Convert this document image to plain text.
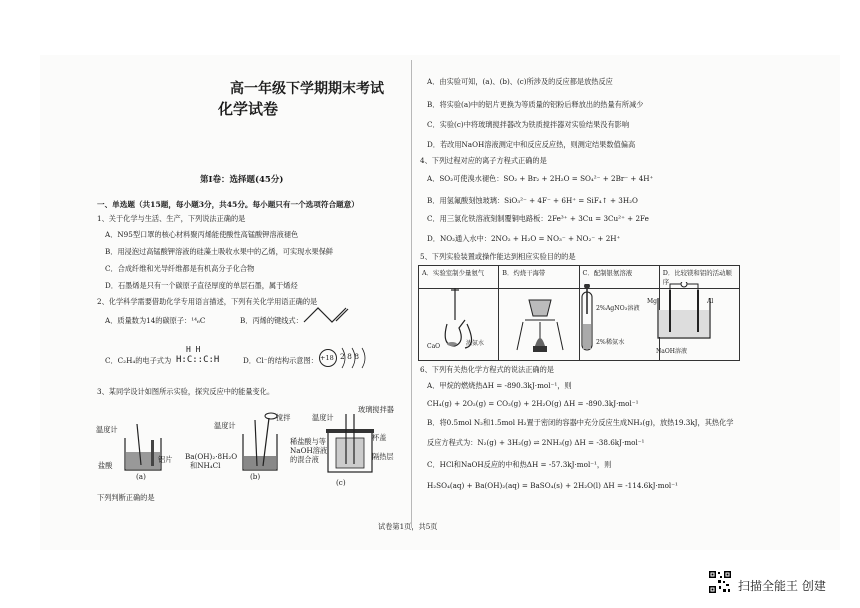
高一年级下学期期末考试
化学试卷
第Ⅰ卷：选择题(45分)
一、单选题（共15题，每小题3分，共45分。每小题只有一个选项符合题意）
1、关于化学与生活、生产，下列说法正确的是
A．N95型口罩的核心材料聚丙烯能使酸性高锰酸钾溶液褪色
B．用浸泡过高锰酸钾溶液的硅藻土吸收水果中的乙烯，可实现水果保鲜
C．合成纤维和光导纤维都是有机高分子化合物
D．石墨烯是只有一个碳原子直径厚度的单层石墨，属于烯烃
2、化学科学需要借助化学专用语言描述，下列有关化学用语正确的是
A．质量数为14的碳原子：¹⁴₆C	B．丙烯的键线式：
C．C₂H₄的电子式为
H H
H:C::C:H	D．Cl⁻的结构示意图： +18 2 8 8
3、某同学设计如图所示实验，探究反应中的能量变化。
温度计
铝片
盐酸
(a)
温度计
搅拌
Ba(OH)₂·8H₂O
和NH₄Cl
(b)
温度计
玻璃搅拌器
稀盐酸与等
NaOH溶液
的混合液
杯盖
隔热层
(c)
下列判断正确的是
A．由实验可知，(a)、(b)、(c)所涉及的反应都是放热反应
B．将实验(a)中的铝片更换为等质量的铝粉后释放出的热量有所减少
C．实验(c)中将玻璃搅拌器改为铁质搅拌器对实验结果没有影响
D．若改用NaOH溶液测定中和反应反应热，则测定结果数值偏高
4、下列过程对应的离子方程式正确的是
A．SO₂可使溴水褪色：SO₂ + Br₂ + 2H₂O = SO₄²⁻ + 2Br⁻ + 4H⁺
B．用氢氟酸刻蚀玻璃：SiO₃²⁻ + 4F⁻ + 6H⁺ = SiF₄↑ + 3H₂O
C．用三氯化铁溶液刻制覆铜电路板：2Fe³⁺ + 3Cu = 3Cu²⁺ + 2Fe
D．NO₂通入水中：2NO₂ + H₂O = NO₃⁻ + NO₂⁻ + 2H⁺
5、下列实验装置或操作能达到相应实验目的的是
A．实验室制少量氨气	B．灼烧干海带	C．配制银氨溶液	D．比较镁和铝的活动顺序

CaO	浓氨水
2%AgNO₃溶液
2%稀氨水
Mg	Al
NaOH溶液
6、下列有关热化学方程式的说法正确的是
A．甲烷的燃烧热ΔH = -890.3kJ·mol⁻¹，则
CH₄(g) + 2O₂(g) = CO₂(g) + 2H₂O(g) ΔH = -890.3kJ·mol⁻¹
B．将0.5mol N₂和1.5mol H₂置于密闭的容器中充分反应生成NH₃(g)，放热19.3kJ，其热化学
反应方程式为：N₂(g) + 3H₂(g) ⇌ 2NH₃(g) ΔH = -38.6kJ·mol⁻¹
C．HCl和NaOH反应的中和热ΔH = -57.3kJ·mol⁻¹，则
H₂SO₄(aq) + Ba(OH)₂(aq) = BaSO₄(s) + 2H₂O(l) ΔH = -114.6kJ·mol⁻¹
试卷第1页，共5页
扫描全能王 创建
